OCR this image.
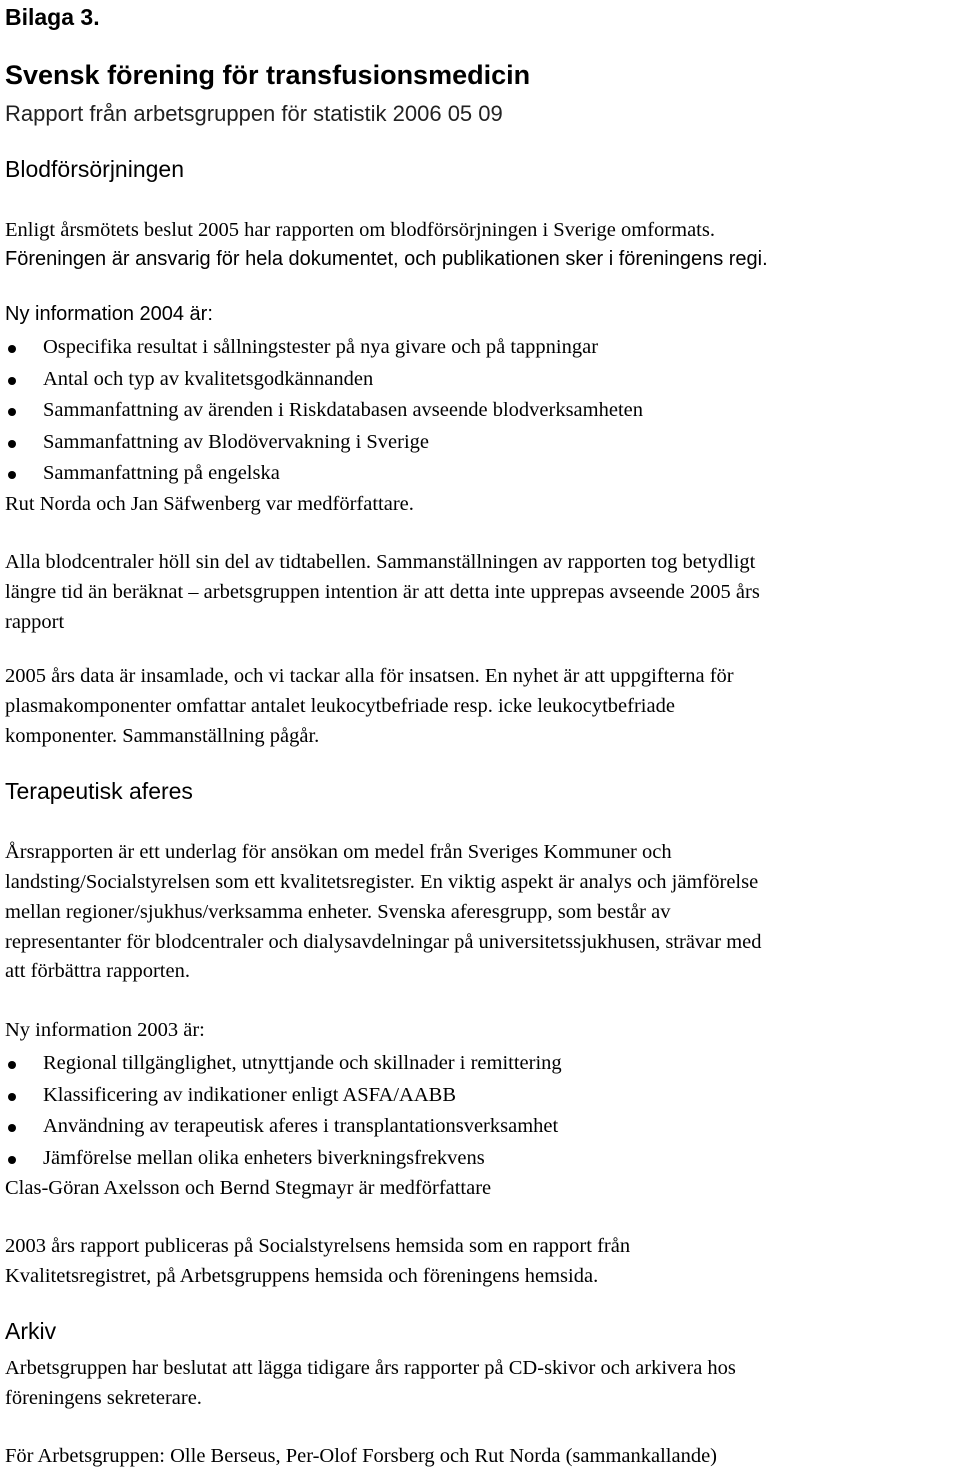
Bilaga 3.
Svensk förening för transfusionsmedicin
Rapport från arbetsgruppen för statistik 2006 05 09
Blodförsörjningen
Enligt årsmötets beslut 2005 har rapporten om blodförsörjningen i Sverige omformats.
Föreningen är ansvarig för hela dokumentet, och publikationen sker i föreningens regi.
Ny information 2004 är:
Ospecifika resultat i sållningstester på nya givare och på tappningar
Antal och typ av kvalitetsgodkännanden
Sammanfattning av ärenden i Riskdatabasen avseende blodverksamheten
Sammanfattning av Blodövervakning i Sverige
Sammanfattning på engelska
Rut Norda och Jan Säfwenberg var medförfattare.
Alla blodcentraler höll sin del av tidtabellen. Sammanställningen av rapporten tog betydligt
längre tid än beräknat – arbetsgruppen intention är att detta inte upprepas avseende 2005 års
rapport
2005 års data är insamlade, och vi tackar alla för insatsen. En nyhet är att uppgifterna för
plasmakomponenter omfattar antalet leukocytbefriade resp. icke leukocytbefriade
komponenter. Sammanställning pågår.
Terapeutisk aferes
Årsrapporten är ett underlag för ansökan om medel från Sveriges Kommuner och
landsting/Socialstyrelsen som ett kvalitetsregister. En viktig aspekt är analys och jämförelse
mellan regioner/sjukhus/verksamma enheter. Svenska aferesgrupp, som består av
representanter för blodcentraler och dialysavdelningar på universitetssjukhusen, strävar med
att förbättra rapporten.
Ny information 2003 är:
Regional tillgänglighet, utnyttjande och skillnader i remittering
Klassificering av indikationer enligt ASFA/AABB
Användning av terapeutisk aferes i transplantationsverksamhet
Jämförelse mellan olika enheters biverkningsfrekvens
Clas-Göran Axelsson och Bernd Stegmayr är medförfattare
2003 års rapport publiceras på Socialstyrelsens hemsida som en rapport från
Kvalitetsregistret, på Arbetsgruppens hemsida och föreningens hemsida.
Arkiv
Arbetsgruppen har beslutat att lägga tidigare års rapporter på CD-skivor och arkivera hos
föreningens sekreterare.
För Arbetsgruppen: Olle Berseus, Per-Olof Forsberg och Rut Norda (sammankallande)
